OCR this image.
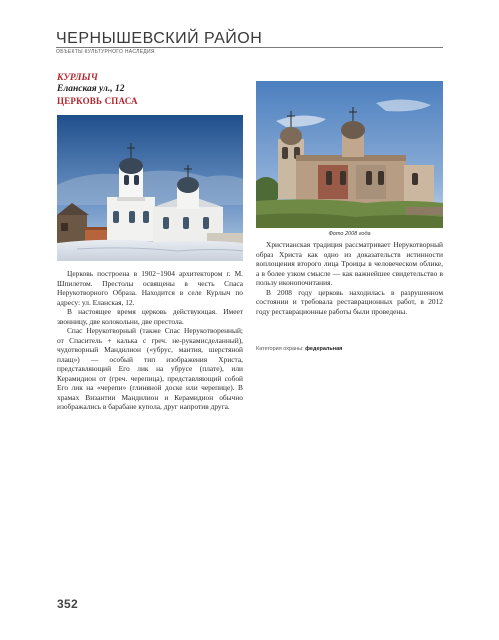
ЧЕРНЫШЕВСКИЙ РАЙОН
ОБЪЕКТЫ КУЛЬТУРНОГО НАСЛЕДИЯ
КУРЛЫЧ
Еланская ул., 12
ЦЕРКОВЬ СПАСА
Фото 2008 года

Церковь построена в 1902−1904 архитектором г. М. Шпилетом. Престолы освящены в честь Спаса Нерукотворного Образа. Находится в селе Курлыч по адресу: ул. Еланская, 12.

В настоящее время церковь действующая. Имеет звонницу, две колокольни, две престола.

Спас Нерукотворный (также Спас Нерукотворенный; от Спаситель + калька с греч. не-рукамисделанный), чудотворный Мандилион («убрус, мантия, шерстяной плащ») — особый тип изображения Христа, представляющий Его лик на убрусе (плате), или Керамидион от (греч. черепица), представляющий собой Его лик на «черепи» (глиняной доске или черепице). В храмах Византии Мандилион и Керамидион обычно изображались в барабане купола, друг напротив друга.

Христианская традиция рассматривает Нерукотворный образ Христа как одно из доказательств истинности воплощения второго лица Троицы в человеческом облике, а в более узком смысле — как важнейшее свидетельство в пользу иконопочитания.

В 2008 году церковь находилась в разрушенном состоянии и требовала реставрационных работ, в 2012 году реставрационные работы были проведены.

Категория охраны: федеральная
352
